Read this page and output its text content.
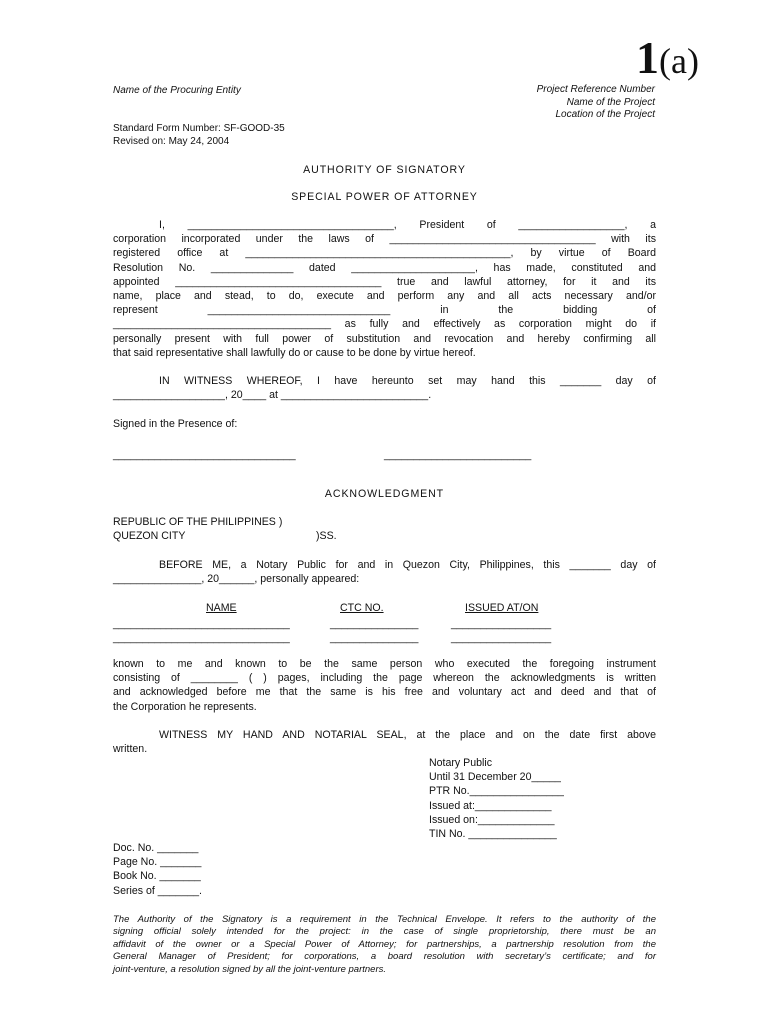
1(a)
Name of the Procuring Entity	Project Reference Number
Name of the Project
Location of the Project
Standard Form Number: SF-GOOD-35
Revised on: May 24, 2004
AUTHORITY OF SIGNATORY
SPECIAL POWER OF ATTORNEY
I, ___________________________________, President of __________________, a
corporation incorporated under the laws of ___________________________________ with its
registered office at _____________________________________________, by virtue of Board
Resolution No. ______________ dated _____________________, has made, constituted and
appointed ___________________________________ true and lawful attorney, for it and its
name, place and stead, to do, execute and perform any and all acts necessary and/or
represent _______________________________ in the bidding of
_____________________________________ as fully and effectively as corporation might do if
personally present with full power of substitution and revocation and hereby confirming all
that said representative shall lawfully do or cause to be done by virtue hereof.
IN WITNESS WHEREOF, I have hereunto set may hand this _______ day of
___________________, 20____ at _________________________.
Signed in the Presence of:
_______________________________	_________________________
ACKNOWLEDGMENT
REPUBLIC OF THE PHILIPPINES )
QUEZON CITY	)SS.
BEFORE ME, a Notary Public for and in Quezon City, Philippines, this _______ day of
_______________, 20______, personally appeared:
NAME	CTC NO.	ISSUED AT/ON
______________________________	_______________	_________________
______________________________	_______________	_________________
known to me and known to be the same person who executed the foregoing instrument
consisting of ________ ( ) pages, including the page whereon the acknowledgments is written
and acknowledged before me that the same is his free and voluntary act and deed and that of
the Corporation he represents.
WITNESS MY HAND AND NOTARIAL SEAL, at the place and on the date first above
written.
Notary Public
Until 31 December 20_____
PTR No.________________
Issued at:_____________
Issued on:_____________
TIN No. _______________
Doc. No. _______
Page No. _______
Book No. _______
Series of _______.
The Authority of the Signatory is a requirement in the Technical Envelope. It refers to the authority of the
signing official solely intended for the project: in the case of single proprietorship, there must be an
affidavit of the owner or a Special Power of Attorney; for partnerships, a partnership resolution from the
General Manager of President; for corporations, a board resolution with secretary’s certificate; and for
joint-venture, a resolution signed by all the joint-venture partners.
